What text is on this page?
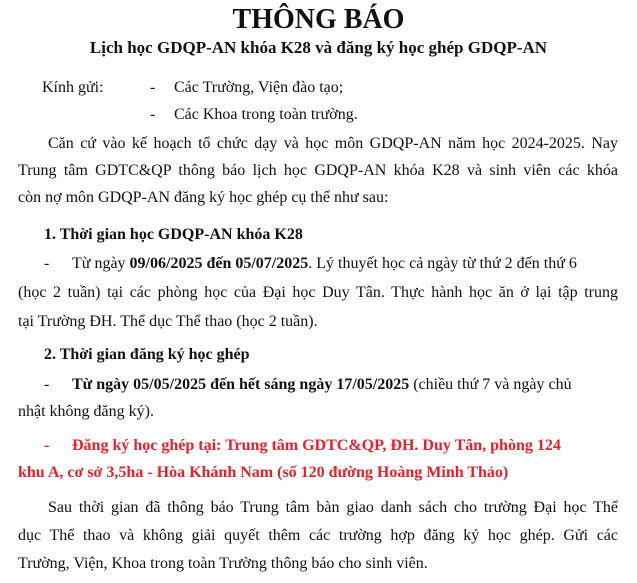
THÔNG BÁO
Lịch học GDQP-AN khóa K28 và đăng ký học ghép GDQP-AN
Kính gửi:	- Các Trường, Viện đào tạo;
- Các Khoa trong toàn trường.
Căn cứ vào kế hoạch tổ chức dạy và học môn GDQP-AN năm học 2024-2025. Nay
Trung tâm GDTC&QP thông báo lịch học GDQP-AN khóa K28 và sinh viên các khóa
còn nợ môn GDQP-AN đăng ký học ghép cụ thể như sau:
1. Thời gian học GDQP-AN khóa K28
- Từ ngày 09/06/2025 đến 05/07/2025. Lý thuyết học cả ngày từ thứ 2 đến thứ 6
(học 2 tuần) tại các phòng học của Đại học Duy Tân. Thực hành học ăn ở lại tập trung
tại Trường ĐH. Thể dục Thể thao (học 2 tuần).
2. Thời gian đăng ký học ghép
- Từ ngày 05/05/2025 đến hết sáng ngày 17/05/2025 (chiều thứ 7 và ngày chủ
nhật không đăng ký).
- Đăng ký học ghép tại: Trung tâm GDTC&QP, ĐH. Duy Tân, phòng 124
khu A, cơ sở 3,5ha - Hòa Khánh Nam (số 120 đường Hoàng Minh Thảo)
Sau thời gian đã thông báo Trung tâm bàn giao danh sách cho trường Đại học Thể
dục Thể thao và không giải quyết thêm các trường hợp đăng ký học ghép. Gửi các
Trường, Viện, Khoa trong toàn Trường thông báo cho sinh viên.
